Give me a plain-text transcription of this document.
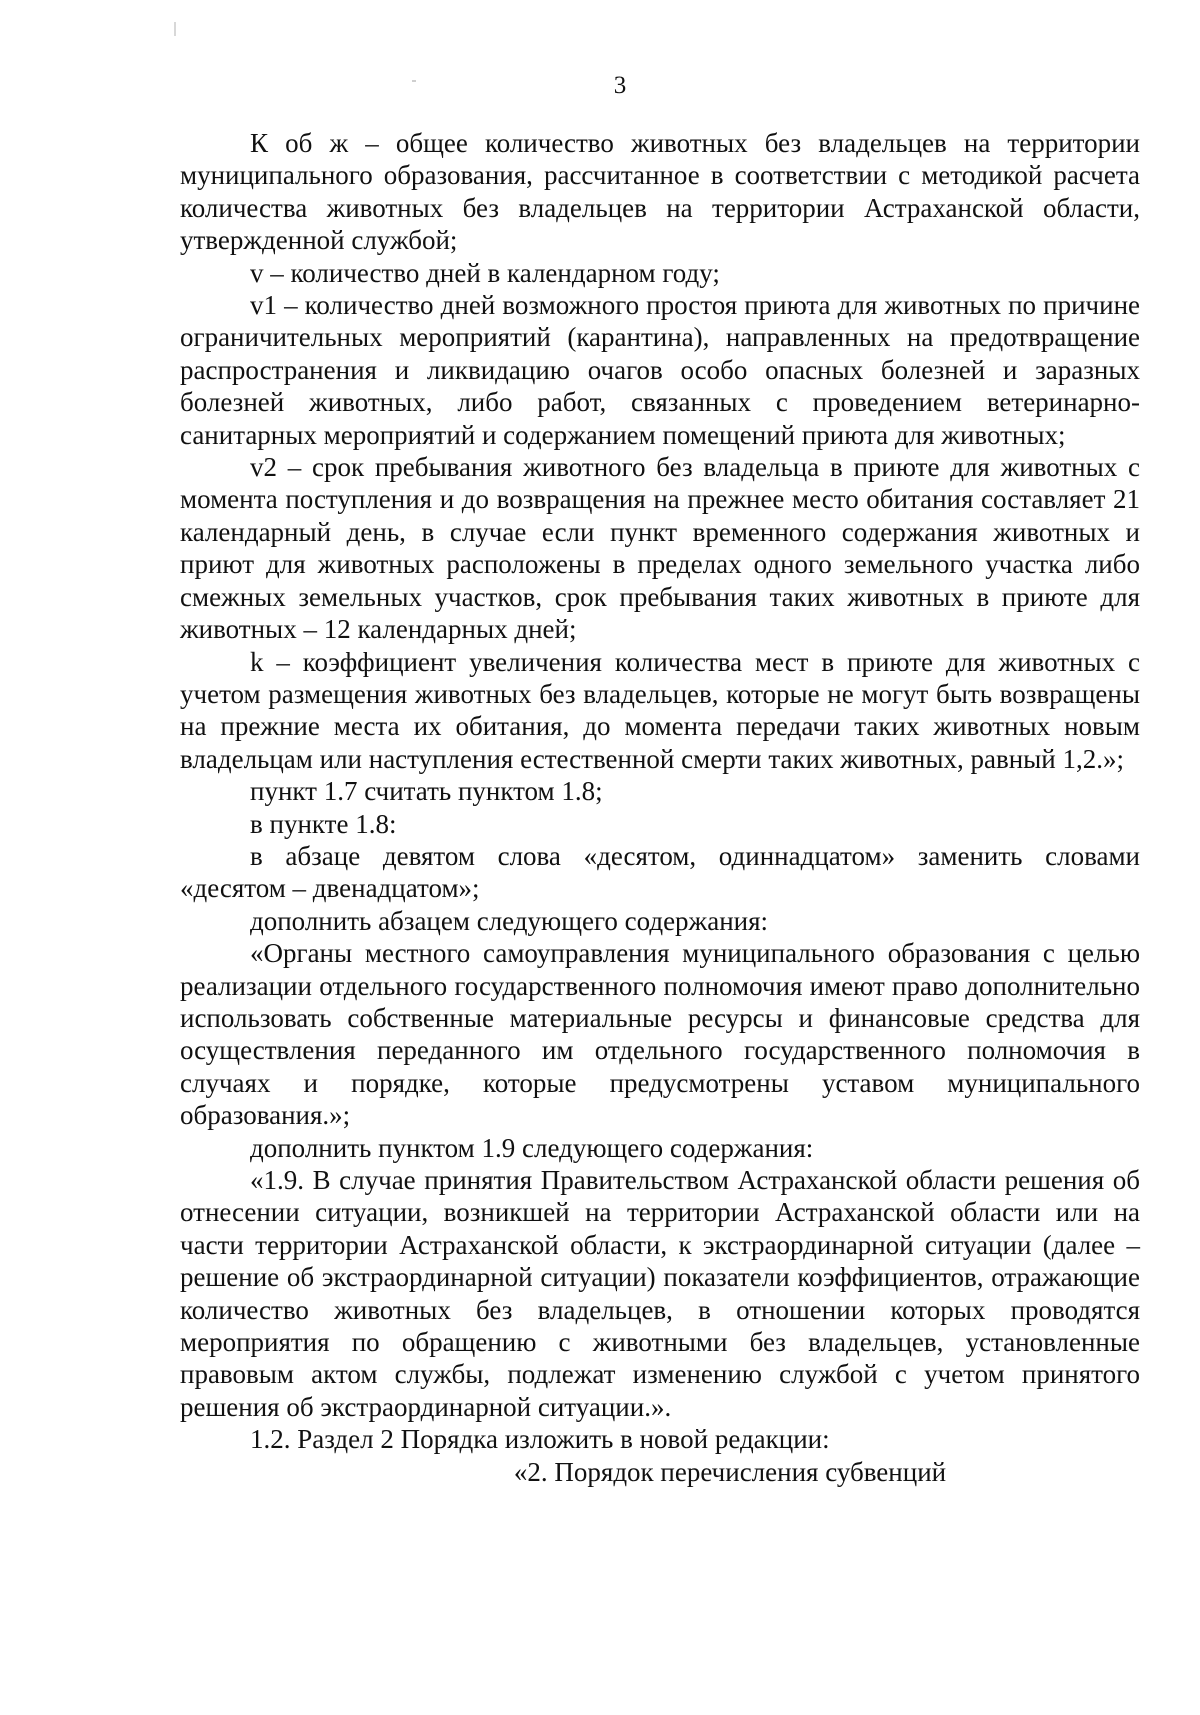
3

К об ж – общее количество животных без владельцев на территории муниципального образования, рассчитанное в соответствии с методикой расчета количества животных без владельцев на территории Астраханской области, утвержденной службой;

v – количество дней в календарном году;

v1 – количество дней возможного простоя приюта для животных по причине ограничительных мероприятий (карантина), направленных на предотвращение распространения и ликвидацию очагов особо опасных болезней и заразных болезней животных, либо работ, связанных с проведением ветеринарно-санитарных мероприятий и содержанием помещений приюта для животных;

v2 – срок пребывания животного без владельца в приюте для животных с момента поступления и до возвращения на прежнее место обитания составляет 21 календарный день, в случае если пункт временного содержания животных и приют для животных расположены в пределах одного земельного участка либо смежных земельных участков, срок пребывания таких животных в приюте для животных – 12 календарных дней;

k – коэффициент увеличения количества мест в приюте для животных с учетом размещения животных без владельцев, которые не могут быть возвращены на прежние места их обитания, до момента передачи таких животных новым владельцам или наступления естественной смерти таких животных, равный 1,2.»;

пункт 1.7 считать пунктом 1.8;

в пункте 1.8:

в абзаце девятом слова «десятом, одиннадцатом» заменить словами «десятом – двенадцатом»;

дополнить абзацем следующего содержания:

«Органы местного самоуправления муниципального образования с целью реализации отдельного государственного полномочия имеют право дополнительно использовать собственные материальные ресурсы и финансовые средства для осуществления переданного им отдельного государственного полномочия в случаях и порядке, которые предусмотрены уставом муниципального образования.»;

дополнить пунктом 1.9 следующего содержания:

«1.9. В случае принятия Правительством Астраханской области решения об отнесении ситуации, возникшей на территории Астраханской области или на части территории Астраханской области, к экстраординарной ситуации (далее – решение об экстраординарной ситуации) показатели коэффициентов, отражающие количество животных без владельцев, в отношении которых проводятся мероприятия по обращению с животными без владельцев, установленные правовым актом службы, подлежат изменению службой с учетом принятого решения об экстраординарной ситуации.».

1.2. Раздел 2 Порядка изложить в новой редакции:

«2. Порядок перечисления субвенций
